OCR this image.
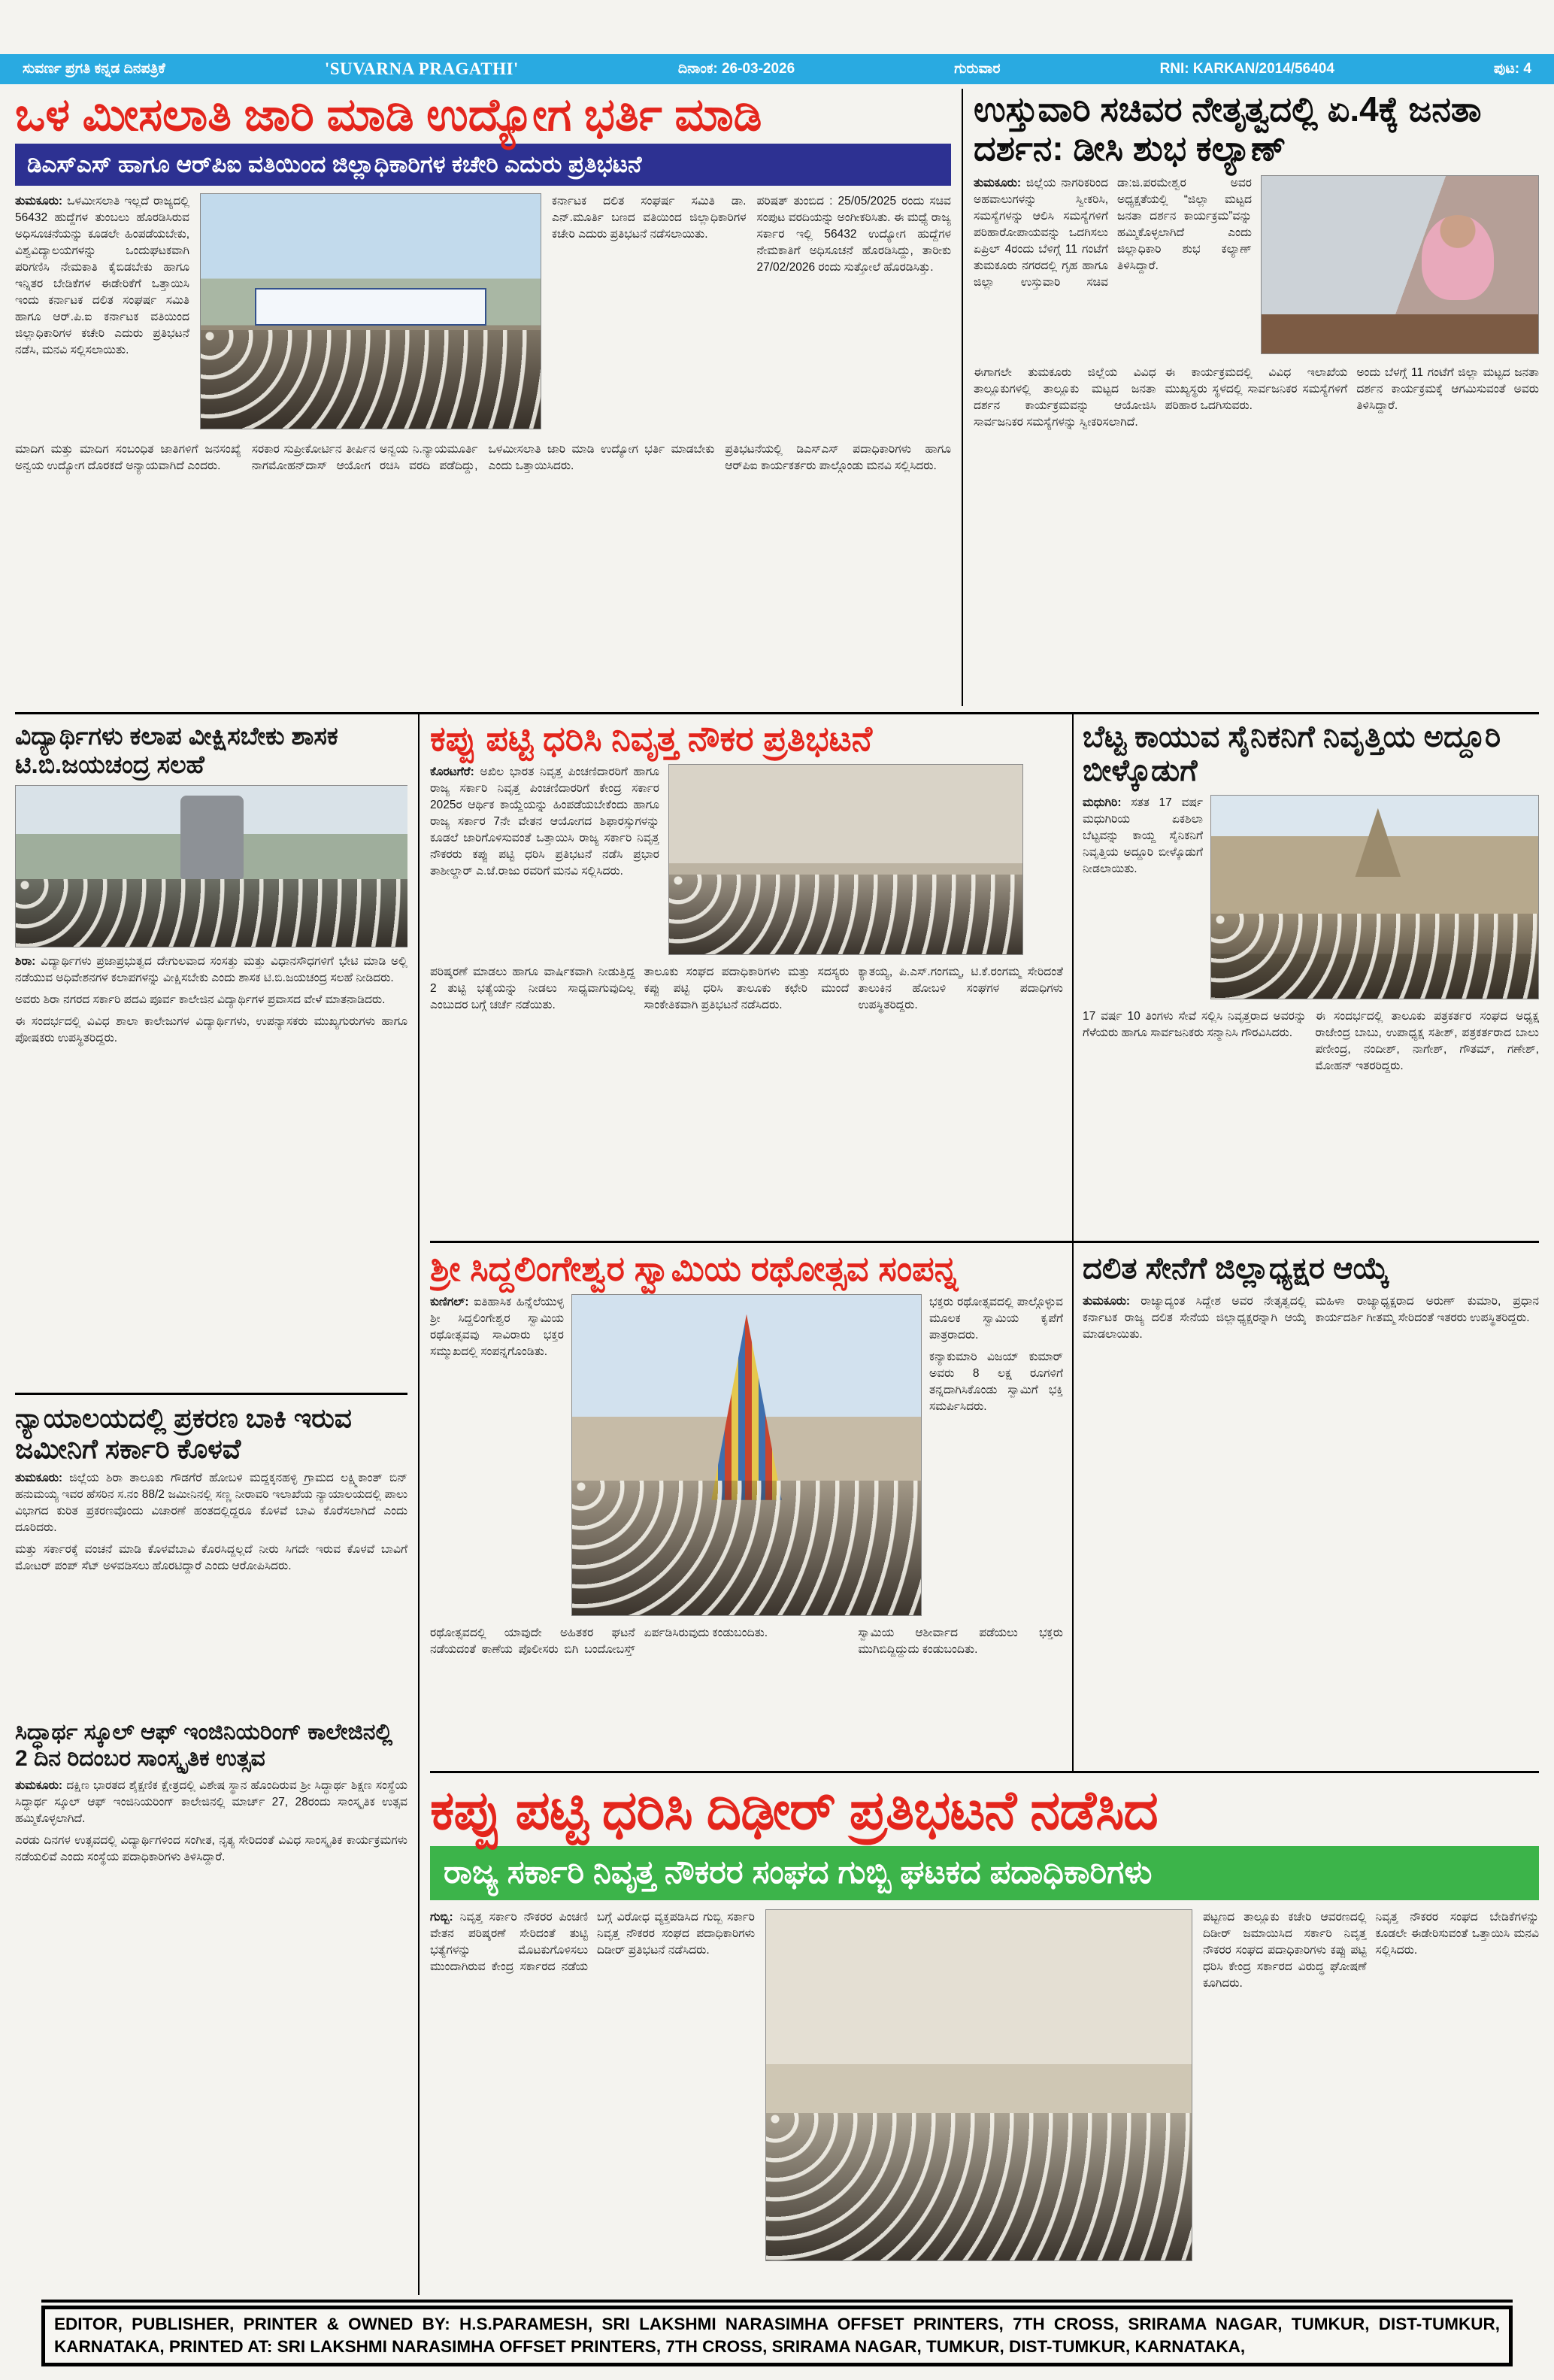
ಸುವರ್ಣ ಪ್ರಗತಿ ಕನ್ನಡ ದಿನಪತ್ರಿಕೆ	'SUVARNA PRAGATHI'	ದಿನಾಂಕ: 26-03-2026	ಗುರುವಾರ	RNI: KARKAN/2014/56404	ಪುಟ: 4
ಒಳ ಮೀಸಲಾತಿ ಜಾರಿ ಮಾಡಿ ಉದ್ಯೋಗ ಭರ್ತಿ ಮಾಡಿ
ಡಿಎಸ್‌ಎಸ್ ಹಾಗೂ ಆರ್‌ಪಿಐ ವತಿಯಿಂದ ಜಿಲ್ಲಾಧಿಕಾರಿಗಳ ಕಚೇರಿ ಎದುರು ಪ್ರತಿಭಟನೆ

ತುಮಕೂರು: ಒಳಮೀಸಲಾತಿ ಇಲ್ಲದೆ ರಾಜ್ಯದಲ್ಲಿ 56432 ಹುದ್ದೆಗಳ ತುಂಬಲು ಹೊರಡಿಸಿರುವ ಅಧಿಸೂಚನೆಯನ್ನು ಕೂಡಲೇ ಹಿಂಪಡೆಯಬೇಕು, ವಿಶ್ವವಿದ್ಯಾಲಯಗಳನ್ನು ಒಂದುಘಟಕವಾಗಿ ಪರಿಗಣಿಸಿ ನೇಮಕಾತಿ ಕೈಬಿಡಬೇಕು ಹಾಗೂ ಇನ್ನಿತರ ಬೇಡಿಕೆಗಳ ಈಡೇರಿಕೆಗೆ ಒತ್ತಾಯಿಸಿ ಇಂದು ಕರ್ನಾಟಕ ದಲಿತ ಸಂಘರ್ಷ ಸಮಿತಿ ಹಾಗೂ ಆರ್.ಪಿ.ಐ ಕರ್ನಾಟಕ ವತಿಯಿಂದ ಜಿಲ್ಲಾಧಿಕಾರಿಗಳ ಕಚೇರಿ ಎದುರು ಪ್ರತಿಭಟನೆ ನಡೆಸಿ, ಮನವಿ ಸಲ್ಲಿಸಲಾಯಿತು.

ಕರ್ನಾಟಕ ದಲಿತ ಸಂಘರ್ಷ ಸಮಿತಿ ಡಾ. ಎನ್.ಮೂರ್ತಿ ಬಣದ ವತಿಯಿಂದ ಜಿಲ್ಲಾಧಿಕಾರಿಗಳ ಕಚೇರಿ ಎದುರು ಪ್ರತಿಭಟನೆ ನಡೆಸಲಾಯಿತು.

ಪರಿಷತ್ ತುಂಬಿದ : 25/05/2025 ರಂದು ಸಚಿವ ಸಂಪುಟ ವರದಿಯನ್ನು ಅಂಗೀಕರಿಸಿತು. ಈ ಮಧ್ಯೆ ರಾಜ್ಯ ಸರ್ಕಾರ ಇಲ್ಲಿ 56432 ಉದ್ಯೋಗ ಹುದ್ದೆಗಳ ನೇಮಕಾತಿಗೆ ಅಧಿಸೂಚನೆ ಹೊರಡಿಸಿದ್ದು, ತಾರೀಕು 27/02/2026 ರಂದು ಸುತ್ತೋಲೆ ಹೊರಡಿಸಿತ್ತು.

ಮಾದಿಗ ಮತ್ತು ಮಾದಿಗ ಸಂಬಂಧಿತ ಜಾತಿಗಳಿಗೆ ಜನಸಂಖ್ಯೆ ಅನ್ವಯ ಉದ್ಯೋಗ ದೊರಕದೆ ಅನ್ಯಾಯವಾಗಿದೆ ಎಂದರು.

ಸರಕಾರ ಸುಪ್ರೀಕೋರ್ಟಿನ ತೀರ್ಪಿನ ಅನ್ವಯ ನಿ.ನ್ಯಾಯಮೂರ್ತಿ ನಾಗಮೋಹನ್‌ದಾಸ್ ಆಯೋಗ ರಚಿಸಿ ವರದಿ ಪಡೆದಿದ್ದು, ಒಳಮೀಸಲಾತಿ ಜಾರಿ ಮಾಡಿ ಉದ್ಯೋಗ ಭರ್ತಿ ಮಾಡಬೇಕು ಎಂದು ಒತ್ತಾಯಿಸಿದರು.

ಪ್ರತಿಭಟನೆಯಲ್ಲಿ ಡಿಎಸ್‌ಎಸ್ ಪದಾಧಿಕಾರಿಗಳು ಹಾಗೂ ಆರ್‌ಪಿಐ ಕಾರ್ಯಕರ್ತರು ಪಾಲ್ಗೊಂಡು ಮನವಿ ಸಲ್ಲಿಸಿದರು.

ಉಸ್ತುವಾರಿ ಸಚಿವರ ನೇತೃತ್ವದಲ್ಲಿ ಏ.4ಕ್ಕೆ ಜನತಾ ದರ್ಶನ: ಡೀಸಿ ಶುಭ ಕಲ್ಯಾಣ್

ತುಮಕೂರು: ಜಿಲ್ಲೆಯ ನಾಗರಿಕರಿಂದ ಅಹವಾಲುಗಳನ್ನು ಸ್ವೀಕರಿಸಿ, ಸಮಸ್ಯೆಗಳನ್ನು ಆಲಿಸಿ ಸಮಸ್ಯೆಗಳಿಗೆ ಪರಿಹಾರೋಪಾಯವನ್ನು ಒದಗಿಸಲು ಏಪ್ರಿಲ್ 4ರಂದು ಬೆಳಿಗ್ಗೆ 11 ಗಂಟೆಗೆ ತುಮಕೂರು ನಗರದಲ್ಲಿ ಗೃಹ ಹಾಗೂ ಜಿಲ್ಲಾ ಉಸ್ತುವಾರಿ ಸಚಿವ ಡಾ:ಜಿ.ಪರಮೇಶ್ವರ ಅವರ ಅಧ್ಯಕ್ಷತೆಯಲ್ಲಿ “ಜಿಲ್ಲಾ ಮಟ್ಟದ ಜನತಾ ದರ್ಶನ ಕಾರ್ಯಕ್ರಮ”ವನ್ನು ಹಮ್ಮಿಕೊಳ್ಳಲಾಗಿದೆ ಎಂದು ಜಿಲ್ಲಾಧಿಕಾರಿ ಶುಭ ಕಲ್ಯಾಣ್ ತಿಳಿಸಿದ್ದಾರೆ.

ಈಗಾಗಲೇ ತುಮಕೂರು ಜಿಲ್ಲೆಯ ವಿವಿಧ ತಾಲ್ಲೂಕುಗಳಲ್ಲಿ ತಾಲ್ಲೂಕು ಮಟ್ಟದ ಜನತಾ ದರ್ಶನ ಕಾರ್ಯಕ್ರಮವನ್ನು ಆಯೋಜಿಸಿ ಸಾರ್ವಜನಿಕರ ಸಮಸ್ಯೆಗಳನ್ನು ಸ್ವೀಕರಿಸಲಾಗಿದೆ.

ಈ ಕಾರ್ಯಕ್ರಮದಲ್ಲಿ ವಿವಿಧ ಇಲಾಖೆಯ ಮುಖ್ಯಸ್ಥರು ಸ್ಥಳದಲ್ಲಿ ಸಾರ್ವಜನಿಕರ ಸಮಸ್ಯೆಗಳಿಗೆ ಪರಿಹಾರ ಒದಗಿಸುವರು.

ಅಂದು ಬೆಳಗ್ಗೆ 11 ಗಂಟೆಗೆ ಜಿಲ್ಲಾ ಮಟ್ಟದ ಜನತಾ ದರ್ಶನ ಕಾರ್ಯಕ್ರಮಕ್ಕೆ ಆಗಮಿಸುವಂತೆ ಅವರು ತಿಳಿಸಿದ್ದಾರೆ.

ವಿದ್ಯಾರ್ಥಿಗಳು ಕಲಾಪ ವೀಕ್ಷಿಸಬೇಕು ಶಾಸಕ ಟಿ.ಬಿ.ಜಯಚಂದ್ರ ಸಲಹೆ

ಶಿರಾ: ವಿದ್ಯಾರ್ಥಿಗಳು ಪ್ರಜಾಪ್ರಭುತ್ವದ ದೇಗುಲವಾದ ಸಂಸತ್ತು ಮತ್ತು ವಿಧಾನಸೌಧಗಳಿಗೆ ಭೇಟಿ ಮಾಡಿ ಅಲ್ಲಿ ನಡೆಯುವ ಅಧಿವೇಶನಗಳ ಕಲಾಪಗಳನ್ನು ವೀಕ್ಷಿಸಬೇಕು ಎಂದು ಶಾಸಕ ಟಿ.ಬಿ.ಜಯಚಂದ್ರ ಸಲಹೆ ನೀಡಿದರು.

ಅವರು ಶಿರಾ ನಗರದ ಸರ್ಕಾರಿ ಪದವಿ ಪೂರ್ವ ಕಾಲೇಜಿನ ವಿದ್ಯಾರ್ಥಿಗಳ ಪ್ರವಾಸದ ವೇಳೆ ಮಾತನಾಡಿದರು.

ಈ ಸಂದರ್ಭದಲ್ಲಿ ವಿವಿಧ ಶಾಲಾ ಕಾಲೇಜುಗಳ ವಿದ್ಯಾರ್ಥಿಗಳು, ಉಪನ್ಯಾಸಕರು ಮುಖ್ಯಗುರುಗಳು ಹಾಗೂ ಪೋಷಕರು ಉಪಸ್ಥಿತರಿದ್ದರು.

ನ್ಯಾಯಾಲಯದಲ್ಲಿ ಪ್ರಕರಣ ಬಾಕಿ ಇರುವ ಜಮೀನಿಗೆ ಸರ್ಕಾರಿ ಕೊಳವೆ

ತುಮಕೂರು: ಜಿಲ್ಲೆಯ ಶಿರಾ ತಾಲೂಕು ಗೌಡಗೆರೆ ಹೋಬಳಿ ಮದ್ದಕ್ಕನಹಳ್ಳಿ ಗ್ರಾಮದ ಲಕ್ಷ್ಮಿಕಾಂತ್ ಬಿನ್ ಹನುಮಯ್ಯ ಇವರ ಹೆಸರಿನ ಸ.ನಂ 88/2 ಜಮೀನಿನಲ್ಲಿ ಸಣ್ಣ ನೀರಾವರಿ ಇಲಾಖೆಯ ನ್ಯಾಯಾಲಯದಲ್ಲಿ ಪಾಲು ವಿಭಾಗದ ಕುರಿತ ಪ್ರಕರಣವೊಂದು ವಿಚಾರಣೆ ಹಂತದಲ್ಲಿದ್ದರೂ ಕೊಳವೆ ಬಾವಿ ಕೊರೆಸಲಾಗಿದೆ ಎಂದು ದೂರಿದರು.

ಮತ್ತು ಸರ್ಕಾರಕ್ಕೆ ವಂಚನೆ ಮಾಡಿ ಕೊಳವೆಬಾವಿ ಕೊರಸಿದ್ದಲ್ಲದೆ ನೀರು ಸಿಗದೇ ಇರುವ ಕೊಳವೆ ಬಾವಿಗೆ ಮೋಟರ್ ಪಂಪ್ ಸೆಟ್ ಅಳವಡಿಸಲು ಹೊರಟಿದ್ದಾರೆ ಎಂದು ಆರೋಪಿಸಿದರು.

ಸಿದ್ಧಾರ್ಥ ಸ್ಕೂಲ್ ಆಫ್ ಇಂಜಿನಿಯರಿಂಗ್ ಕಾಲೇಜಿನಲ್ಲಿ 2 ದಿನ ರಿದಂಬರ ಸಾಂಸ್ಕೃತಿಕ ಉತ್ಸವ

ತುಮಕೂರು: ದಕ್ಷಿಣ ಭಾರತದ ಶೈಕ್ಷಣಿಕ ಕ್ಷೇತ್ರದಲ್ಲಿ ವಿಶೇಷ ಸ್ಥಾನ ಹೊಂದಿರುವ ಶ್ರೀ ಸಿದ್ಧಾರ್ಥ ಶಿಕ್ಷಣ ಸಂಸ್ಥೆಯ ಸಿದ್ಧಾರ್ಥ ಸ್ಕೂಲ್ ಆಫ್ ಇಂಜಿನಿಯರಿಂಗ್ ಕಾಲೇಜಿನಲ್ಲಿ ಮಾರ್ಚ್ 27, 28ರಂದು ಸಾಂಸ್ಕೃತಿಕ ಉತ್ಸವ ಹಮ್ಮಿಕೊಳ್ಳಲಾಗಿದೆ.

ಎರಡು ದಿನಗಳ ಉತ್ಸವದಲ್ಲಿ ವಿದ್ಯಾರ್ಥಿಗಳಿಂದ ಸಂಗೀತ, ನೃತ್ಯ ಸೇರಿದಂತೆ ವಿವಿಧ ಸಾಂಸ್ಕೃತಿಕ ಕಾರ್ಯಕ್ರಮಗಳು ನಡೆಯಲಿವೆ ಎಂದು ಸಂಸ್ಥೆಯ ಪದಾಧಿಕಾರಿಗಳು ತಿಳಿಸಿದ್ದಾರೆ.

ಕಪ್ಪು ಪಟ್ಟಿ ಧರಿಸಿ ನಿವೃತ್ತ ನೌಕರ ಪ್ರತಿಭಟನೆ

ಕೊರಟಗೆರೆ: ಅಖಿಲ ಭಾರತ ನಿವೃತ್ತ ಪಿಂಚಣಿದಾರರಿಗೆ ಹಾಗೂ ರಾಜ್ಯ ಸರ್ಕಾರಿ ನಿವೃತ್ತ ಪಿಂಚಣಿದಾರರಿಗೆ ಕೇಂದ್ರ ಸರ್ಕಾರ 2025ರ ಆರ್ಥಿಕ ಕಾಯ್ದೆಯನ್ನು ಹಿಂಪಡೆಯಬೇಕೆಂದು ಹಾಗೂ ರಾಜ್ಯ ಸರ್ಕಾರ 7ನೇ ವೇತನ ಆಯೋಗದ ಶಿಫಾರಸ್ಸುಗಳನ್ನು ಕೂಡಲೆ ಜಾರಿಗೊಳಿಸುವಂತೆ ಒತ್ತಾಯಿಸಿ ರಾಜ್ಯ ಸರ್ಕಾರಿ ನಿವೃತ್ತ ನೌಕರರು ಕಪ್ಪು ಪಟ್ಟಿ ಧರಿಸಿ ಪ್ರತಿಭಟನೆ ನಡೆಸಿ ಪ್ರಭಾರ ತಾಶೀಲ್ದಾರ್ ಎ.ಜೆ.ರಾಜು ರವರಿಗೆ ಮನವಿ ಸಲ್ಲಿಸಿದರು.

ಪರಿಷ್ಕರಣೆ ಮಾಡಲು ಹಾಗೂ ವಾರ್ಷಿಕವಾಗಿ ನೀಡುತ್ತಿದ್ದ 2 ತುಟ್ಟಿ ಭತ್ಯೆಯನ್ನು ನೀಡಲು ಸಾಧ್ಯವಾಗುವುದಿಲ್ಲ ಎಂಬುದರ ಬಗ್ಗೆ ಚರ್ಚೆ ನಡೆಯಿತು.

ತಾಲೂಕು ಸಂಘದ ಪದಾಧಿಕಾರಿಗಳು ಮತ್ತು ಸದಸ್ಯರು ಕಪ್ಪು ಪಟ್ಟಿ ಧರಿಸಿ ತಾಲೂಕು ಕಛೇರಿ ಮುಂದೆ ಸಾಂಕೇತಿಕವಾಗಿ ಪ್ರತಿಭಟನೆ ನಡೆಸಿದರು.

ಕ್ಯಾತಯ್ಯ, ಪಿ.ಎಸ್.ಗಂಗಮ್ಮ, ಟಿ.ಕೆ.ರಂಗಮ್ಮ ಸೇರಿದಂತೆ ತಾಲುಕಿನ ಹೋಬಳಿ ಸಂಘಗಳ ಪದಾಧಿಗಳು ಉಪಸ್ಥಿತರಿದ್ದರು.

ಬೆಟ್ಟ ಕಾಯುವ ಸೈನಿಕನಿಗೆ ನಿವೃತ್ತಿಯ ಅದ್ದೂರಿ ಬೀಳ್ಕೊಡುಗೆ

ಮಧುಗಿರಿ: ಸತತ 17 ವರ್ಷ ಮಧುಗಿರಿಯ ಏಕಶಿಲಾ ಬೆಟ್ಟವನ್ನು ಕಾಯ್ದ ಸೈನಿಕನಿಗೆ ನಿವೃತ್ತಿಯ ಅದ್ದೂರಿ ಬೀಳ್ಕೊಡುಗೆ ನೀಡಲಾಯಿತು.

17 ವರ್ಷ 10 ತಿಂಗಳು ಸೇವೆ ಸಲ್ಲಿಸಿ ನಿವೃತ್ತರಾದ ಅವರನ್ನು ಗೆಳೆಯರು ಹಾಗೂ ಸಾರ್ವಜನಿಕರು ಸನ್ಮಾನಿಸಿ ಗೌರವಿಸಿದರು.

ಈ ಸಂದರ್ಭದಲ್ಲಿ ತಾಲೂಕು ಪತ್ರಕರ್ತರ ಸಂಘದ ಅಧ್ಯಕ್ಷ ರಾಜೇಂದ್ರ ಬಾಬು, ಉಪಾಧ್ಯಕ್ಷ ಸತೀಶ್, ಪತ್ರಕರ್ತರಾದ ಬಾಲು ಪಣೀಂದ್ರ, ನಂದೀಶ್, ನಾಗೇಶ್, ಗೌತಮ್, ಗಣೇಶ್, ಮೋಹನ್ ಇತರರಿದ್ದರು.

ಶ್ರೀ ಸಿದ್ದಲಿಂಗೇಶ್ವರ ಸ್ವಾಮಿಯ ರಥೋತ್ಸವ ಸಂಪನ್ನ

ಕುಣಿಗಲ್: ಐತಿಹಾಸಿಕ ಹಿನ್ನೆಲೆಯುಳ್ಳ ಶ್ರೀ ಸಿದ್ದಲಿಂಗೇಶ್ವರ ಸ್ವಾಮಿಯ ರಥೋತ್ಸವವು ಸಾವಿರಾರು ಭಕ್ತರ ಸಮ್ಮುಖದಲ್ಲಿ ಸಂಪನ್ನಗೊಂಡಿತು.

ಭಕ್ತರು ರಥೋತ್ಸವದಲ್ಲಿ ಪಾಲ್ಗೊಳ್ಳುವ ಮೂಲಕ ಸ್ವಾಮಿಯ ಕೃಪೆಗೆ ಪಾತ್ರರಾದರು.

ಕನ್ಯಾಕುಮಾರಿ ವಿಜಯ್ ಕುಮಾರ್ ಅವರು 8 ಲಕ್ಷ ರೂಗಳಿಗೆ ತನ್ನದಾಗಿಸಿಕೊಂಡು ಸ್ವಾಮಿಗೆ ಭಕ್ತಿ ಸಮರ್ಪಿಸಿದರು.

ರಥೋತ್ಸವದಲ್ಲಿ ಯಾವುದೇ ಅಹಿತಕರ ಘಟನೆ ನಡೆಯದಂತೆ ಠಾಣೆಯ ಪೊಲೀಸರು ಬಿಗಿ ಬಂದೋಬಸ್ತ್ ಏರ್ಪಡಿಸಿರುವುದು ಕಂಡುಬಂದಿತು.	ಸ್ವಾಮಿಯ ಆಶೀರ್ವಾದ ಪಡೆಯಲು ಭಕ್ತರು ಮುಗಿಬಿದ್ದಿದ್ದುದು ಕಂಡುಬಂದಿತು.

ದಲಿತ ಸೇನೆಗೆ ಜಿಲ್ಲಾಧ್ಯಕ್ಷರ ಆಯ್ಕೆ

ತುಮಕೂರು: ರಾಜ್ಯಾದ್ಯಂತ ಸಿದ್ದೇಶ ಅವರ ನೇತೃತ್ವದಲ್ಲಿ ಕರ್ನಾಟಕ ರಾಜ್ಯ ದಲಿತ ಸೇನೆಯ ಜಿಲ್ಲಾಧ್ಯಕ್ಷರನ್ನಾಗಿ ಆಯ್ಕೆ ಮಾಡಲಾಯಿತು.

ಮಹಿಳಾ ರಾಜ್ಯಾಧ್ಯಕ್ಷರಾದ ಅರುಣ್ ಕುಮಾರಿ, ಪ್ರಧಾನ ಕಾರ್ಯದರ್ಶಿ ಗೀತಮ್ಮ ಸೇರಿದಂತೆ ಇತರರು ಉಪಸ್ಥಿತರಿದ್ದರು.

ಕಪ್ಪು ಪಟ್ಟಿ ಧರಿಸಿ ದಿಢೀರ್ ಪ್ರತಿಭಟನೆ ನಡೆಸಿದ
ರಾಜ್ಯ ಸರ್ಕಾರಿ ನಿವೃತ್ತ ನೌಕರರ ಸಂಘದ ಗುಬ್ಬಿ ಘಟಕದ ಪದಾಧಿಕಾರಿಗಳು

ಗುಬ್ಬಿ: ನಿವೃತ್ತ ಸರ್ಕಾರಿ ನೌಕರರ ಪಿಂಚಣಿ ವೇತನ ಪರಿಷ್ಕರಣೆ ಸೇರಿದಂತೆ ತುಟ್ಟಿ ಭತ್ಯೆಗಳನ್ನು ಮೊಟಕುಗೊಳಿಸಲು ಮುಂದಾಗಿರುವ ಕೇಂದ್ರ ಸರ್ಕಾರದ ನಡೆಯ ಬಗ್ಗೆ ವಿರೋಧ ವ್ಯಕ್ತಪಡಿಸಿದ ಗುಬ್ಬಿ ಸರ್ಕಾರಿ ನಿವೃತ್ತ ನೌಕರರ ಸಂಘದ ಪದಾಧಿಕಾರಿಗಳು ದಿಡೀರ್ ಪ್ರತಿಭಟನೆ ನಡೆಸಿದರು.

ಪಟ್ಟಣದ ತಾಲ್ಲೂಕು ಕಚೇರಿ ಆವರಣದಲ್ಲಿ ದಿಡೀರ್ ಜಮಾಯಿಸಿದ ಸರ್ಕಾರಿ ನಿವೃತ್ತ ನೌಕರರ ಸಂಘದ ಪದಾಧಿಕಾರಿಗಳು ಕಪ್ಪು ಪಟ್ಟಿ ಧರಿಸಿ ಕೇಂದ್ರ ಸರ್ಕಾರದ ವಿರುದ್ಧ ಘೋಷಣೆ ಕೂಗಿದರು.

ನಿವೃತ್ತ ನೌಕರರ ಸಂಘದ ಬೇಡಿಕೆಗಳನ್ನು ಕೂಡಲೇ ಈಡೇರಿಸುವಂತೆ ಒತ್ತಾಯಿಸಿ ಮನವಿ ಸಲ್ಲಿಸಿದರು.

EDITOR, PUBLISHER, PRINTER & OWNED BY: H.S.PARAMESH, SRI LAKSHMI NARASIMHA OFFSET PRINTERS, 7TH CROSS, SRIRAMA NAGAR, TUMKUR, DIST-TUMKUR, KARNATAKA, PRINTED AT: SRI LAKSHMI NARASIMHA OFFSET PRINTERS, 7TH CROSS, SRIRAMA NAGAR, TUMKUR, DIST-TUMKUR, KARNATAKA,
